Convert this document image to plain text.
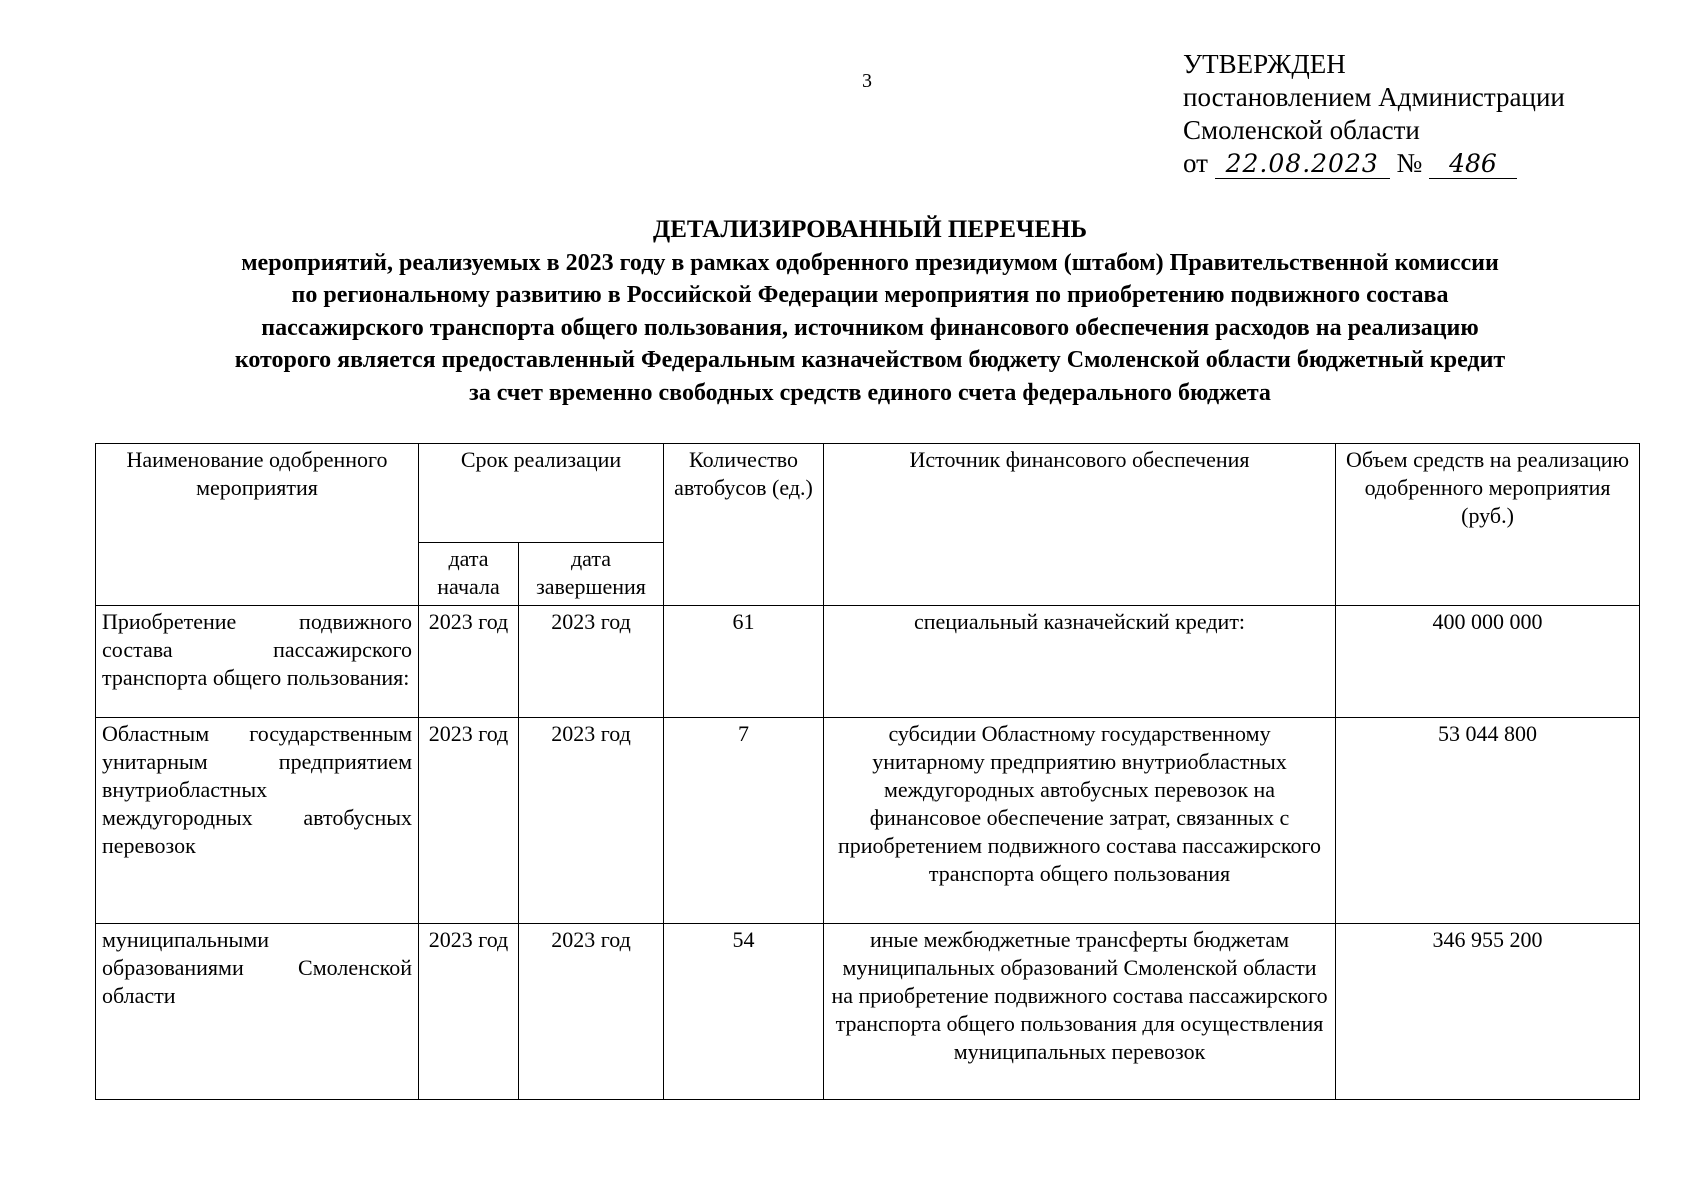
3
УТВЕРЖДЕН
постановлением Администрации
Смоленской области
от 22.08.2023 № 486
ДЕТАЛИЗИРОВАННЫЙ ПЕРЕЧЕНЬ
мероприятий, реализуемых в 2023 году в рамках одобренного президиумом (штабом) Правительственной комиссии
по региональному развитию в Российской Федерации мероприятия по приобретению подвижного состава
пассажирского транспорта общего пользования, источником финансового обеспечения расходов на реализацию
которого является предоставленный Федеральным казначейством бюджету Смоленской области бюджетный кредит
за счет временно свободных средств единого счета федерального бюджета
Наименование одобренного мероприятия	Срок реализации		Количество автобусов (ед.)	Источник финансового обеспечения	Объем средств на реализацию одобренного мероприятия (руб.)
	дата начала	дата завершения			
Приобретение подвижного состава пассажирского транспорта общего пользования:	2023 год	2023 год	61	специальный казначейский кредит:	400 000 000
Областным государственным унитарным предприятием внутриобластных междугородных автобусных перевозок	2023 год	2023 год	7	субсидии Областному государственному унитарному предприятию внутриобластных междугородных автобусных перевозок на финансовое обеспечение затрат, связанных с приобретением подвижного состава пассажирского транспорта общего пользования	53 044 800
муниципальными образованиями Смоленской области	2023 год	2023 год	54	иные межбюджетные трансферты бюджетам муниципальных образований Смоленской области на приобретение подвижного состава пассажирского транспорта общего пользования для осуществления муниципальных перевозок	346 955 200
